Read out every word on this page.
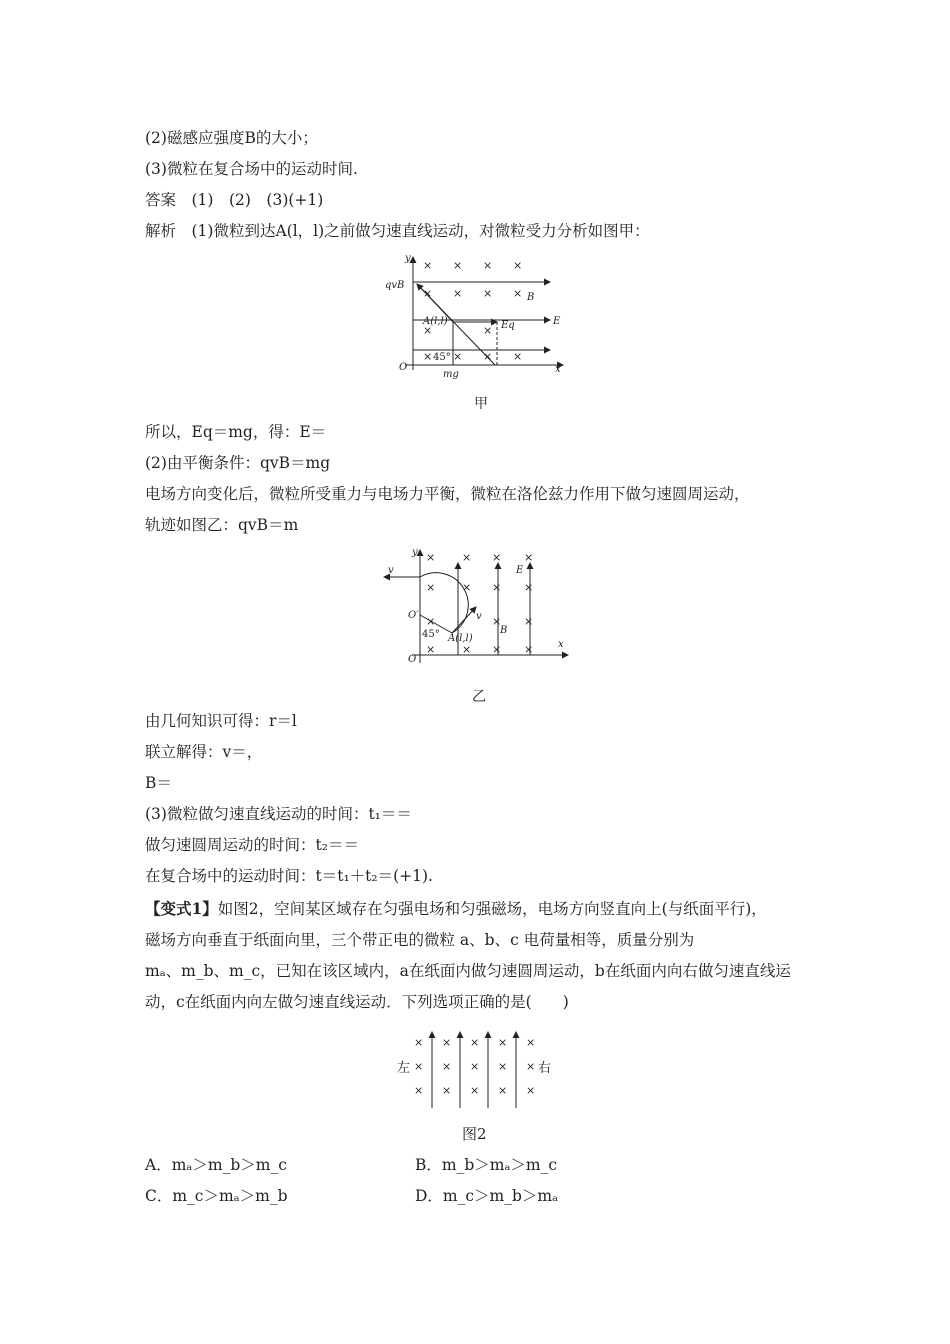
(2)磁感应强度B的大小；
(3)微粒在复合场中的运动时间.
答案　(1)　(2)　(3)(+1)
解析　(1)微粒到达A(l，l)之前做匀速直线运动，对微粒受力分析如图甲：
× × × ×
× × × ×
×	×
× × × ×
y
x
O
qvB
B
E
A(l,l)	Eq
mg
45°
甲
所以，Eq＝mg，得：E＝
(2)由平衡条件：qvB＝mg
电场方向变化后，微粒所受重力与电场力平衡，微粒在洛伦兹力作用下做匀速圆周运动，
轨迹如图乙：qvB＝m
× × × ×
× × × ×
×	× ×
× × × ×
y
x
O
O′
v
v
E
B
A(l,l)
45°
乙
由几何知识可得：r＝l
联立解得：v＝，
B＝
(3)微粒做匀速直线运动的时间：t₁＝＝
做匀速圆周运动的时间：t₂＝＝
在复合场中的运动时间：t＝t₁＋t₂＝(+1).
【变式1】如图2，空间某区域存在匀强电场和匀强磁场，电场方向竖直向上(与纸面平行)，
磁场方向垂直于纸面向里，三个带正电的微粒 a、b、c 电荷量相等，质量分别为
mₐ、m_b、m_c，已知在该区域内，a在纸面内做匀速圆周运动，b在纸面内向右做匀速直线运
动，c在纸面内向左做匀速直线运动．下列选项正确的是(　　)
× × × × ×
× × × × ×
× × × × ×
左	右
图2
A．mₐ＞m_b＞m_c	B．m_b＞mₐ＞m_c
C．m_c＞mₐ＞m_b	D．m_c＞m_b＞mₐ
